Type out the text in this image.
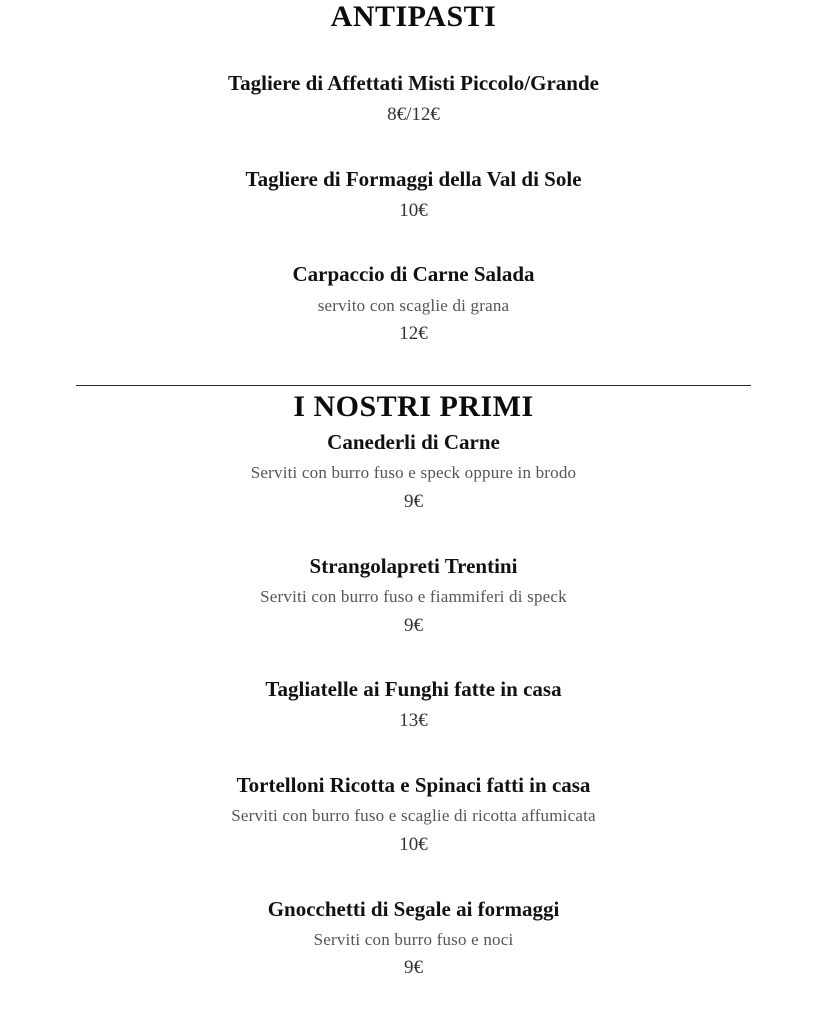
ANTIPASTI
Tagliere di Affettati Misti Piccolo/Grande
8€/12€
Tagliere di Formaggi della Val di Sole
10€
Carpaccio di Carne Salada
servito con scaglie di grana
12€
I NOSTRI PRIMI
Canederli di Carne
Serviti con burro fuso e speck oppure in brodo
9€
Strangolapreti Trentini
Serviti con burro fuso e fiammiferi di speck
9€
Tagliatelle ai Funghi fatte in casa
13€
Tortelloni Ricotta e Spinaci fatti in casa
Serviti con burro fuso e scaglie di ricotta affumicata
10€
Gnocchetti di Segale ai formaggi
Serviti con burro fuso e noci
9€
